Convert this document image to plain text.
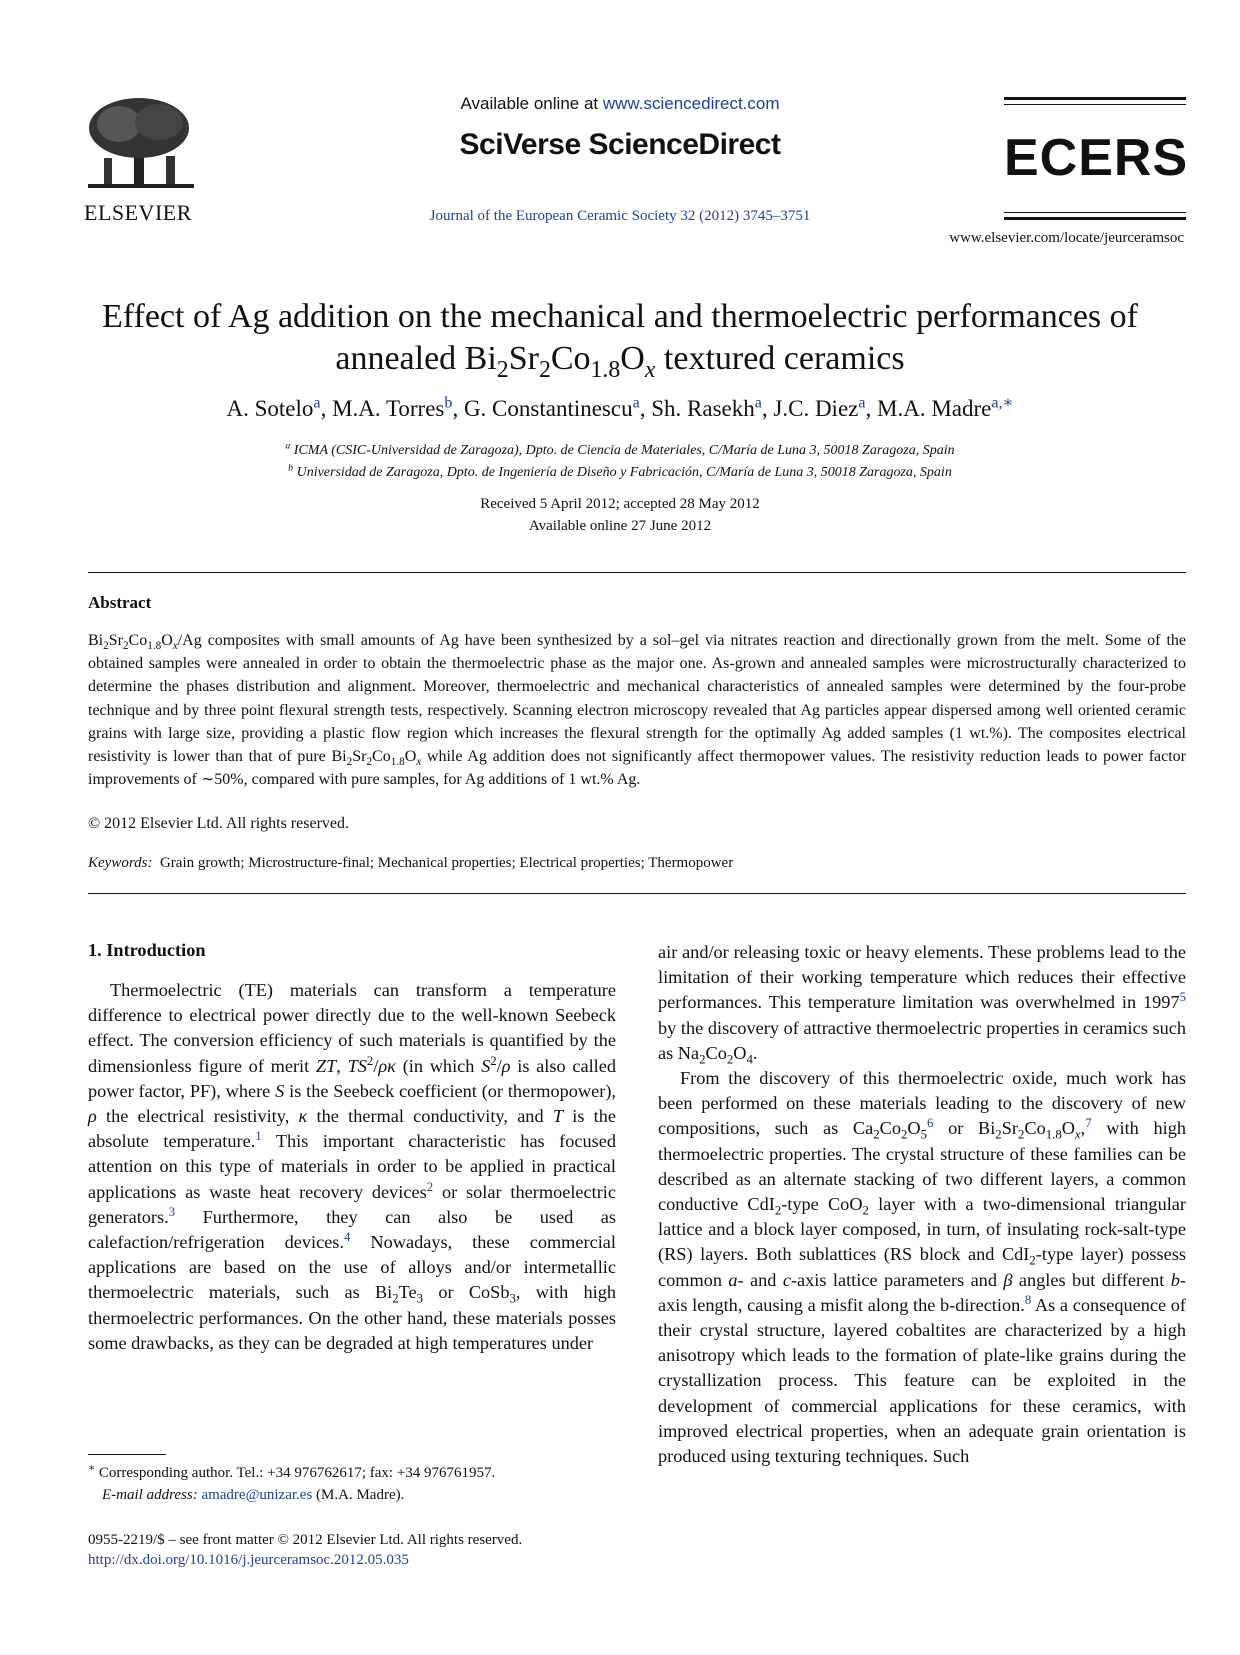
ELSEVIER
Available online at www.sciencedirect.com
SciVerse ScienceDirect
Journal of the European Ceramic Society 32 (2012) 3745–3751
ECERS
www.elsevier.com/locate/jeurceramsoc
Effect of Ag addition on the mechanical and thermoelectric performances of
annealed $Bi_2Sr_2Co_{1.8}O_x$ textured ceramics
A. Sotelo$^a$, M.A. Torres$^b$, G. Constantinescu$^a$, Sh. Rasekh$^a$, J.C. Diez$^a$, M.A. Madre$^{a,∗}$
$^a$ ICMA (CSIC-Universidad de Zaragoza), Dpto. de Ciencia de Materiales, C/María de Luna 3, 50018 Zaragoza, Spain
$^b$ Universidad de Zaragoza, Dpto. de Ingeniería de Diseño y Fabricación, C/María de Luna 3, 50018 Zaragoza, Spain
Received 5 April 2012; accepted 28 May 2012
Available online 27 June 2012
Abstract
$Bi_2Sr_2Co_{1.8}O_x/Ag$ composites with small amounts of Ag have been synthesized by a sol–gel via nitrates reaction and directionally grown from the melt. Some of the obtained samples were annealed in order to obtain the thermoelectric phase as the major one. As-grown and annealed samples were microstructurally characterized to determine the phases distribution and alignment. Moreover, thermoelectric and mechanical characteristics of annealed samples were determined by the four-probe technique and by three point flexural strength tests, respectively. Scanning electron microscopy revealed that Ag particles appear dispersed among well oriented ceramic grains with large size, providing a plastic flow region which increases the flexural strength for the optimally Ag added samples (1 wt.%). The composites electrical resistivity is lower than that of pure $Bi_2Sr_2Co_{1.8}O_x$ while Ag addition does not significantly affect thermopower values. The resistivity reduction leads to power factor improvements of ∼50%, compared with pure samples, for Ag additions of 1 wt.% Ag.
© 2012 Elsevier Ltd. All rights reserved.
Keywords: Grain growth; Microstructure-final; Mechanical properties; Electrical properties; Thermopower
1. Introduction

Thermoelectric (TE) materials can transform a temperature difference to electrical power directly due to the well-known Seebeck effect. The conversion efficiency of such materials is quantified by the dimensionless figure of merit ZT, $TS^2/\rho\kappa$ (in which $S^2/\rho$ is also called power factor, PF), where S is the Seebeck coefficient (or thermopower), ρ the electrical resistivity, κ the thermal conductivity, and T is the absolute temperature.$^1$ This important characteristic has focused attention on this type of materials in order to be applied in practical applications as waste heat recovery devices$^2$ or solar thermoelectric generators.$^3$ Furthermore, they can also be used as calefaction/refrigeration devices.$^4$ Nowadays, these commercial applications are based on the use of alloys and/or intermetallic thermoelectric materials, such as $Bi_2Te_3$ or CoSb$_3$, with high thermoelectric performances. On the other hand, these materials posses some drawbacks, as they can be degraded at high temperatures under

air and/or releasing toxic or heavy elements. These problems lead to the limitation of their working temperature which reduces their effective performances. This temperature limitation was overwhelmed in 1997$^5$ by the discovery of attractive thermoelectric properties in ceramics such as $Na_2Co_2O_4$.

From the discovery of this thermoelectric oxide, much work has been performed on these materials leading to the discovery of new compositions, such as $Ca_2Co_2O_5^6$ or $Bi_2Sr_2Co_{1.8}O_x,^7$ with high thermoelectric properties. The crystal structure of these families can be described as an alternate stacking of two different layers, a common conductive CdI$_2$-type CoO$_2$ layer with a two-dimensional triangular lattice and a block layer composed, in turn, of insulating rock-salt-type (RS) layers. Both sublattices (RS block and CdI$_2$-type layer) possess common a- and c-axis lattice parameters and β angles but different b-axis length, causing a misfit along the b-direction.$^8$ As a consequence of their crystal structure, layered cobaltites are characterized by a high anisotropy which leads to the formation of plate-like grains during the crystallization process. This feature can be exploited in the development of commercial applications for these ceramics, with improved electrical properties, when an adequate grain orientation is produced using texturing techniques. Such

∗ Corresponding author. Tel.: +34 976762617; fax: +34 976761957.
E-mail address: amadre@unizar.es (M.A. Madre).
0955-2219/$ – see front matter © 2012 Elsevier Ltd. All rights reserved.
http://dx.doi.org/10.1016/j.jeurceramsoc.2012.05.035
